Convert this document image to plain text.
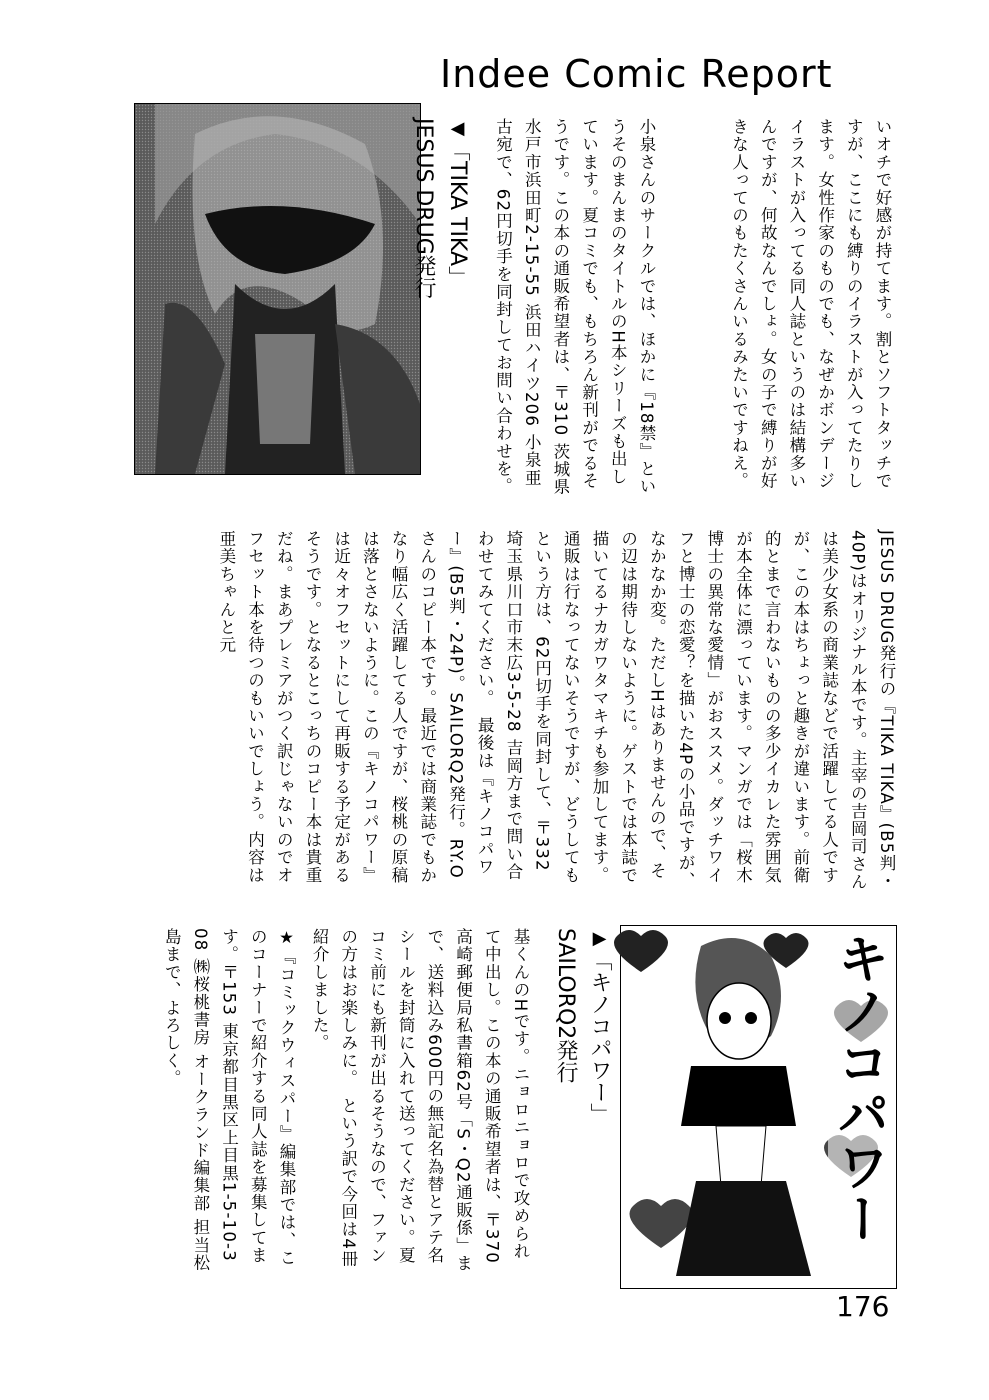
Indee Comic Report
◀「TIKA TIKA」
JESUS DRUG発行	いオチで好感が持てます。割とソフトタッチですが、ここにも縛りのイラストが入ってたりします。女性作家のものでも、なぜかボンデージイラストが入ってる同人誌というのは結構多いんですが、何故なんでしょ。女の子で縛りが好きな人ってのもたくさんいるみたいですねえ。
小泉さんのサークルでは、ほかに『18禁』というそのまんまのタイトルのH本シリーズも出しています。夏コミでも、もちろん新刊がでるそうです。この本の通販希望者は、〒310 茨城県水戸市浜田町2-15-55 浜田ハイツ206 小泉亜古宛で、62円切手を同封してお問い合わせを。
JESUS DRUG発行の『TIKA TIKA』(B5判・40P)はオリジナル本です。主宰の吉岡司さんは美少女系の商業誌などで活躍してる人ですが、この本はちょっと趣きが違います。前衛的とまで言わないものの多少イカレた雰囲気が本全体に漂っています。マンガでは「桜木博士の異常な愛情」がおススメ。ダッチワイフと博士の恋愛？を描いた4Pの小品ですが、なかなか変。ただしHはありませんので、その辺は期待しないように。ゲストでは本誌で描いてるナカガワタマキチも参加してます。通販は行なってないそうですが、どうしてもという方は、62円切手を同封して、〒332 埼玉県川口市末広3-5-28 吉岡方まで問い合わせてみてください。　最後は『キノコパワー』(B5判・24P)。SAILORQ2発行。RY.Oさんのコピー本です。最近では商業誌でもかなり幅広く活躍してる人ですが、桜桃の原稿は落とさないように。この『キノコパワー』は近々オフセットにして再販する予定があるそうです。となるとこっちのコピー本は貴重だね。まあプレミアがつく訳じゃないのでオフセット本を待つのもいいでしょう。内容は亜美ちゃんと元
キノコパワー
▶「キノコパワー」
SAILORQ2発行
基くんのHです。ニョロニョロで攻められて中出し。この本の通販希望者は、〒370 高崎郵便局私書箱62号「S・Q2通販係」まで、送料込み600円の無記名為替とアテ名シールを封筒に入れて送ってください。夏コミ前にも新刊が出るそうなので、ファンの方はお楽しみに。　という訳で今回は4冊紹介しました。
★『コミックウィスパー』編集部では、このコーナーで紹介する同人誌を募集してます。〒153 東京都目黒区上目黒1-5-10-3 08 ㈱桜桃書房 オークランド編集部 担当松島まで、よろしく。
176
